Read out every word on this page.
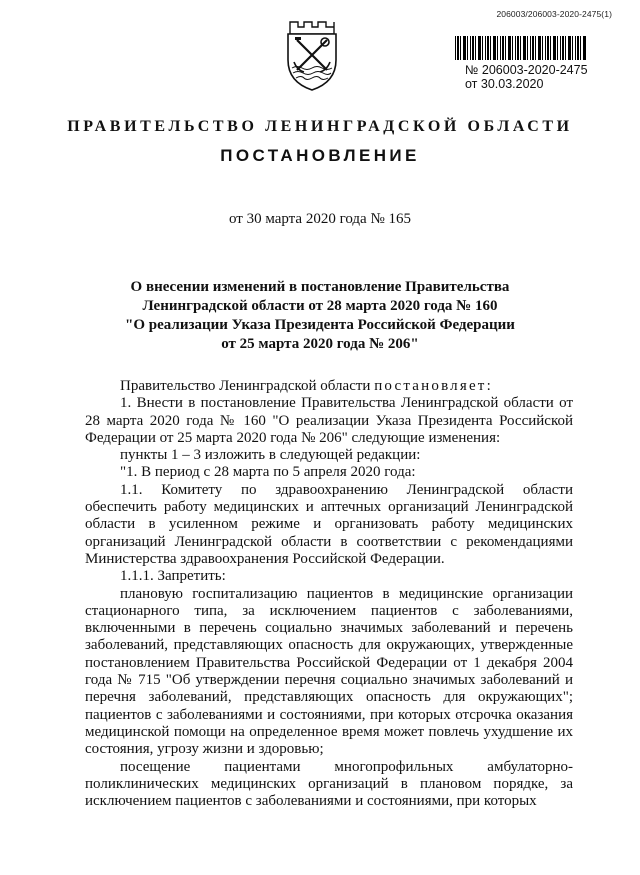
206003/206003-2020-2475(1)
№ 206003-2020-2475
от 30.03.2020
ПРАВИТЕЛЬСТВО ЛЕНИНГРАДСКОЙ ОБЛАСТИ
ПОСТАНОВЛЕНИЕ
от 30 марта 2020 года № 165
О внесении изменений в постановление Правительства
Ленинградской области от 28 марта 2020 года № 160
"О реализации Указа Президента Российской Федерации
от 25 марта 2020 года № 206"

Правительство Ленинградской области постановляет:

1. Внести в постановление Правительства Ленинградской области от 28 марта 2020 года № 160 "О реализации Указа Президента Российской Федерации от 25 марта 2020 года № 206" следующие изменения:

пункты 1 – 3 изложить в следующей редакции:

"1. В период с 28 марта по 5 апреля 2020 года:

1.1. Комитету по здравоохранению Ленинградской области обеспечить работу медицинских и аптечных организаций Ленинградской области в усиленном режиме и организовать работу медицинских организаций Ленинградской области в соответствии с рекомендациями Министерства здравоохранения Российской Федерации.

1.1.1. Запретить:

плановую госпитализацию пациентов в медицинские организации стационарного типа, за исключением пациентов с заболеваниями, включенными в перечень социально значимых заболеваний и перечень заболеваний, представляющих опасность для окружающих, утвержденные постановлением Правительства Российской Федерации от 1 декабря 2004 года № 715 "Об утверждении перечня социально значимых заболеваний и перечня заболеваний, представляющих опасность для окружающих"; пациентов с заболеваниями и состояниями, при которых отсрочка оказания медицинской помощи на определенное время может повлечь ухудшение их состояния, угрозу жизни и здоровью;

посещение пациентами многопрофильных амбулаторно-поликлинических медицинских организаций в плановом порядке, за исключением пациентов с заболеваниями и состояниями, при которых
